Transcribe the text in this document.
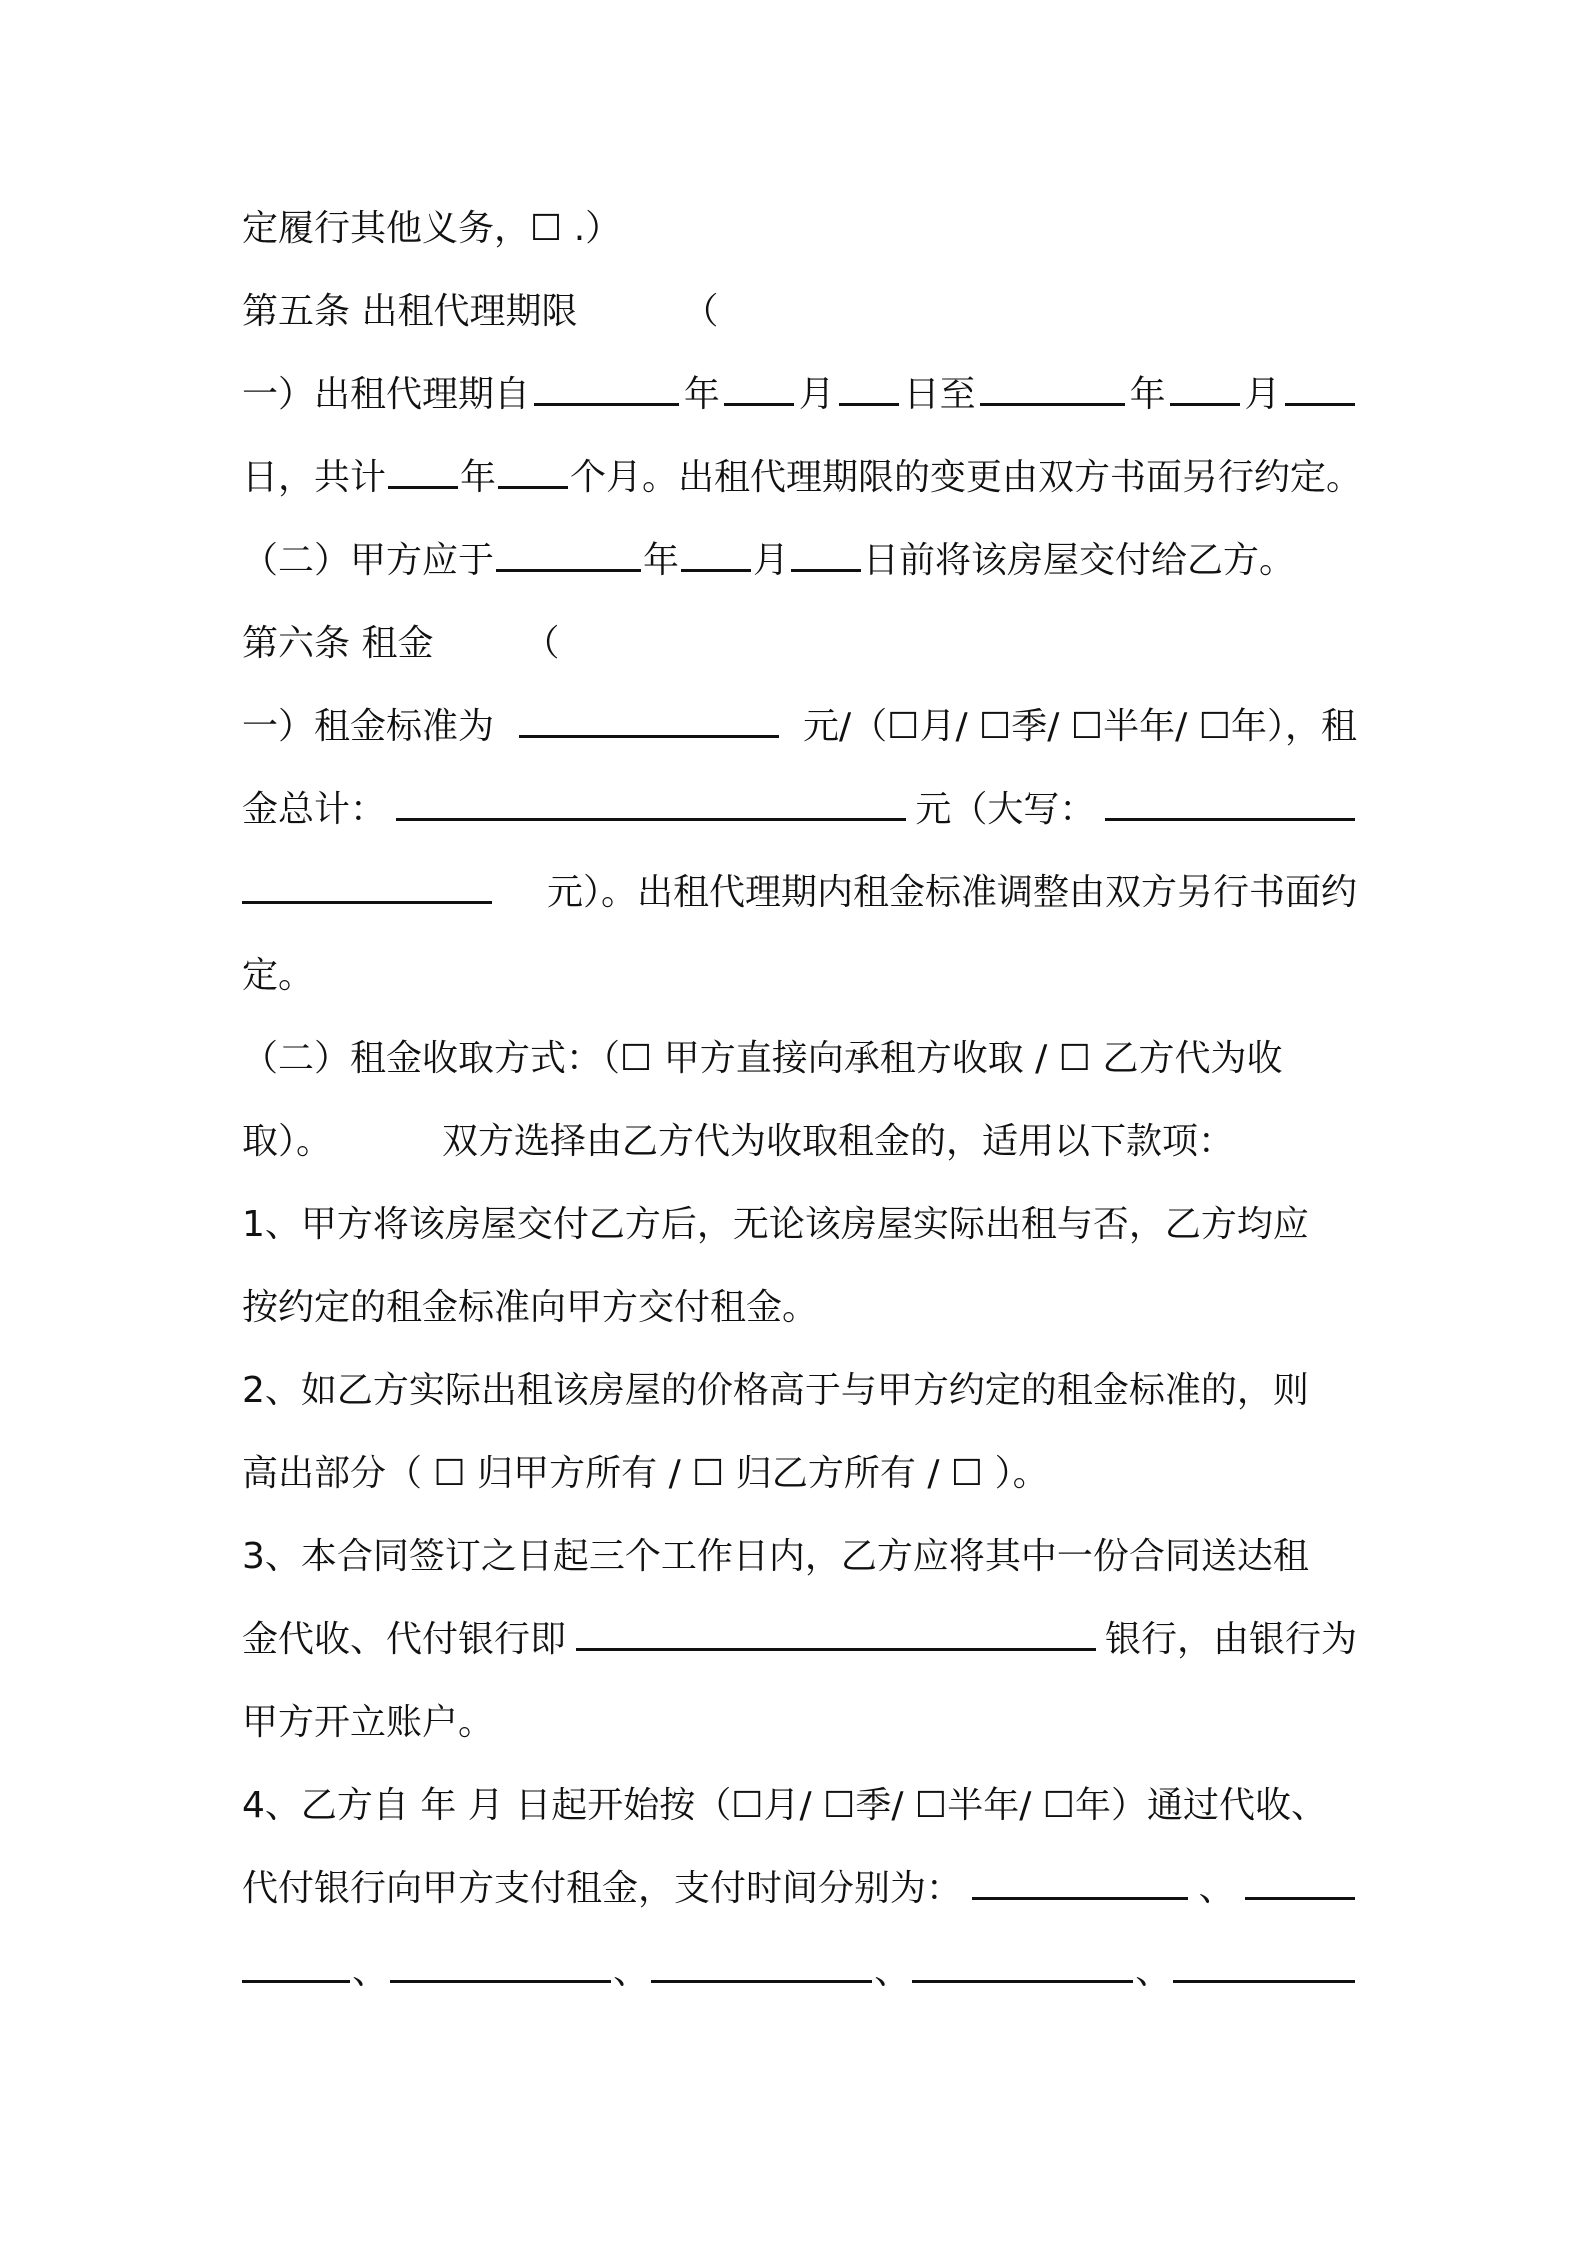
定履行其他义务，☐ .）
第五条 出租代理期限	（
一）出租代理期自	年 月 日至	年 月
日，共计 年 个月。出租代理期限的变更由双方书面另行约定。
（二）甲方应于	年 月 日前将该房屋交付给乙方。
第六条 租金	（
一）租金标准为	元/（☐月/ ☐季/ ☐半年/ ☐年），租
金总计：	元（大写：
元）。出租代理期内租金标准调整由双方另行书面约
定。
（二）租金收取方式：（☐ 甲方直接向承租方收取 / ☐ 乙方代为收
取）。	双方选择由乙方代为收取租金的，适用以下款项：
1、甲方将该房屋交付乙方后，无论该房屋实际出租与否，乙方均应
按约定的租金标准向甲方交付租金。
2、如乙方实际出租该房屋的价格高于与甲方约定的租金标准的，则
高出部分（ ☐ 归甲方所有 / ☐ 归乙方所有 / ☐ ）。
3、本合同签订之日起三个工作日内，乙方应将其中一份合同送达租
金代收、代付银行即	银行，由银行为
甲方开立账户。
4、乙方自 年 月 日起开始按（☐月/ ☐季/ ☐半年/ ☐年）通过代收、
代付银行向甲方支付租金，支付时间分别为：	、
、	、	、	、
